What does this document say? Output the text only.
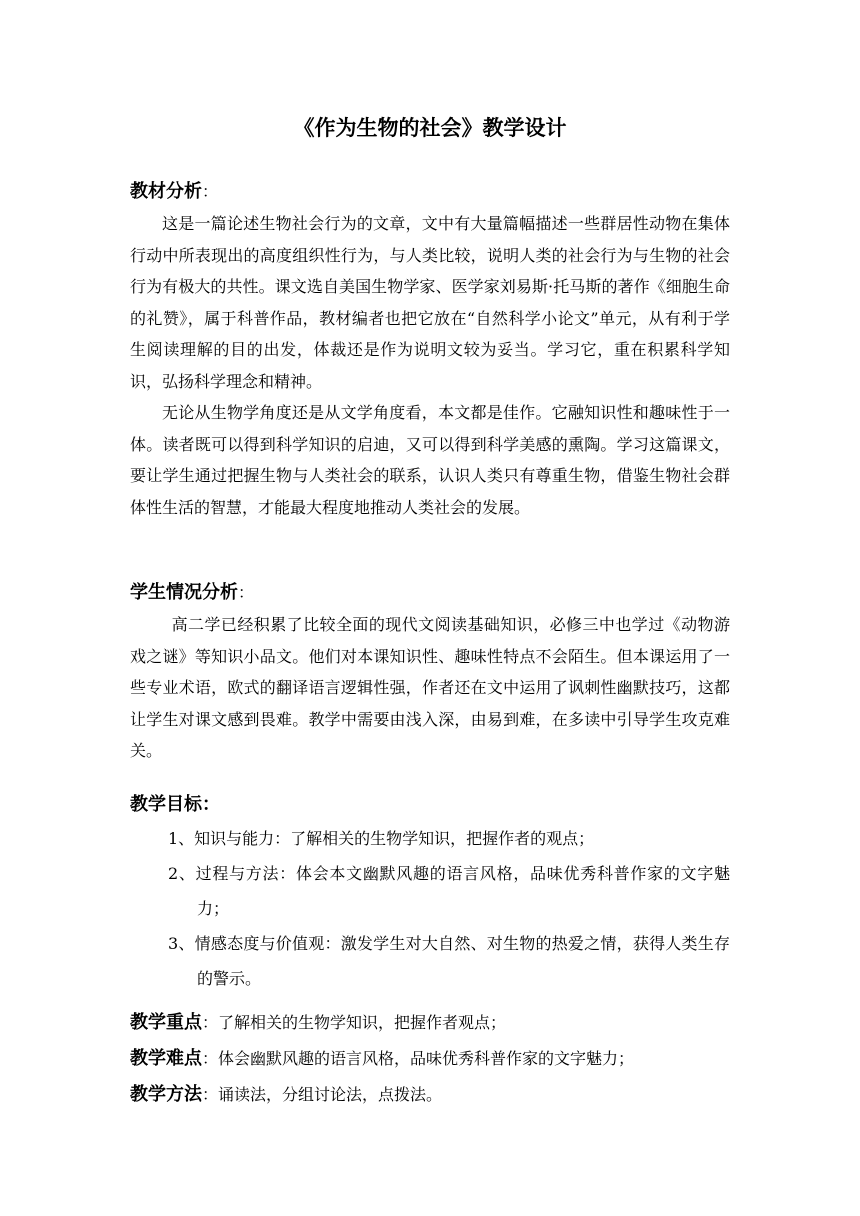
《作为生物的社会》教学设计
教材分析：

这是一篇论述生物社会行为的文章，文中有大量篇幅描述一些群居性动物在集体行动中所表现出的高度组织性行为，与人类比较，说明人类的社会行为与生物的社会行为有极大的共性。课文选自美国生物学家、医学家刘易斯·托马斯的著作《细胞生命的礼赞》，属于科普作品，教材编者也把它放在“自然科学小论文”单元，从有利于学生阅读理解的目的出发，体裁还是作为说明文较为妥当。学习它，重在积累科学知识，弘扬科学理念和精神。

无论从生物学角度还是从文学角度看，本文都是佳作。它融知识性和趣味性于一体。读者既可以得到科学知识的启迪，又可以得到科学美感的熏陶。学习这篇课文，要让学生通过把握生物与人类社会的联系，认识人类只有尊重生物，借鉴生物社会群体性生活的智慧，才能最大程度地推动人类社会的发展。

学生情况分析：

高二学已经积累了比较全面的现代文阅读基础知识，必修三中也学过《动物游戏之谜》等知识小品文。他们对本课知识性、趣味性特点不会陌生。但本课运用了一些专业术语，欧式的翻译语言逻辑性强，作者还在文中运用了讽刺性幽默技巧，这都让学生对课文感到畏难。教学中需要由浅入深，由易到难，在多读中引导学生攻克难关。

教学目标：
1、知识与能力：了解相关的生物学知识，把握作者的观点；
2、过程与方法：体会本文幽默风趣的语言风格，品味优秀科普作家的文字魅力；
3、情感态度与价值观：激发学生对大自然、对生物的热爱之情，获得人类生存的警示。

教学重点：了解相关的生物学知识，把握作者观点；

教学难点：体会幽默风趣的语言风格，品味优秀科普作家的文字魅力；

教学方法：诵读法，分组讨论法，点拨法。
